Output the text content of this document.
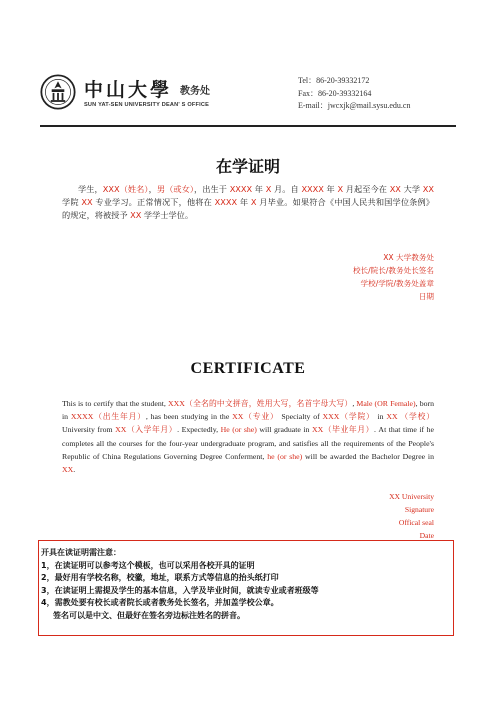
中山大學 教务处
SUN YAT-SEN UNIVERSITY DEAN' S OFFICE
Tel：86-20-39332172
Fax：86-20-39332164
E-mail：jwcxjk@mail.sysu.edu.cn
在学证明
学生，XXX（姓名），男（或女），出生于 XXXX 年 X 月。自 XXXX 年 X 月起至今在 XX 大学 XX 学院 XX 专业学习。正常情况下，他将在 XXXX 年 X 月毕业。如果符合《中国人民共和国学位条例》的规定，将被授予 XX 学学士学位。
XX 大学教务处
校长/院长/教务处长签名
学校/学院/教务处盖章
日期
CERTIFICATE
This is to certify that the student, XXX（全名的中文拼音，姓用大写，名首字母大写）, Male (OR Female), born in XXXX（出生年月）, has been studying in the XX（专业） Specialty of XXX（学院） in XX （学校） University from XX（入学年月）. Expectedly, He (or she) will graduate in XX（毕业年月）. At that time if he completes all the courses for the four-year undergraduate program, and satisfies all the requirements of the People's Republic of China Regulations Governing Degree Conferment, he (or she) will be awarded the Bachelor Degree in XX.
XX University
Signature
Offical seal
Date
开具在读证明需注意：
1，在读证明可以参考这个模板，也可以采用各校开具的证明
2，最好用有学校名称，校徽，地址，联系方式等信息的抬头纸打印
3，在读证明上需提及学生的基本信息，入学及毕业时间，就读专业或者班级等
4，需教处要有校长或者院长或者教务处长签名，并加盖学校公章。
签名可以是中文、但最好在签名旁边标注姓名的拼音。
